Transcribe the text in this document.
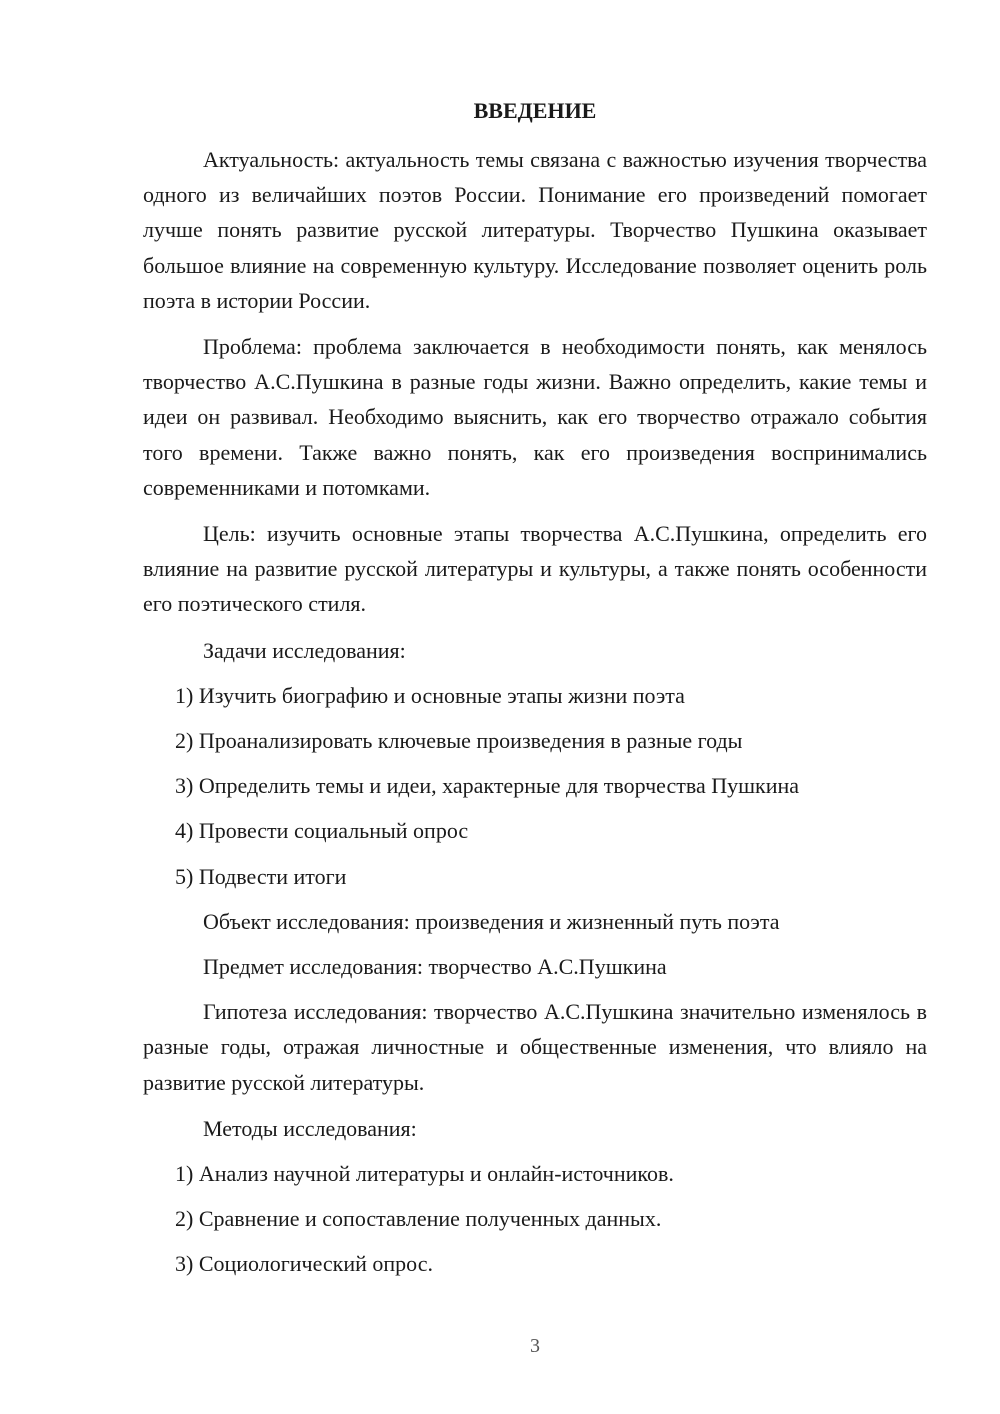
ВВЕДЕНИЕ

Актуальность: актуальность темы связана с важностью изучения творчества одного из величайших поэтов России. Понимание его произведений помогает лучше понять развитие русской литературы. Творчество Пушкина оказывает большое влияние на современную культуру. Исследование позволяет оценить роль поэта в истории России.

Проблема: проблема заключается в необходимости понять, как менялось творчество А.С.Пушкина в разные годы жизни. Важно определить, какие темы и идеи он развивал. Необходимо выяснить, как его творчество отражало события того времени. Также важно понять, как его произведения воспринимались современниками и потомками.

Цель: изучить основные этапы творчества А.С.Пушкина, определить его влияние на развитие русской литературы и культуры, а также понять особенности его поэтического стиля.

Задачи исследования:

1) Изучить биографию и основные этапы жизни поэта

2) Проанализировать ключевые произведения в разные годы

3) Определить темы и идеи, характерные для творчества Пушкина

4) Провести социальный опрос

5) Подвести итоги

Объект исследования: произведения и жизненный путь поэта

Предмет исследования: творчество А.С.Пушкина

Гипотеза исследования: творчество А.С.Пушкина значительно изменялось в разные годы, отражая личностные и общественные изменения, что влияло на развитие русской литературы.

Методы исследования:

1) Анализ научной литературы и онлайн-источников.

2) Сравнение и сопоставление полученных данных.

3) Социологический опрос.

3
